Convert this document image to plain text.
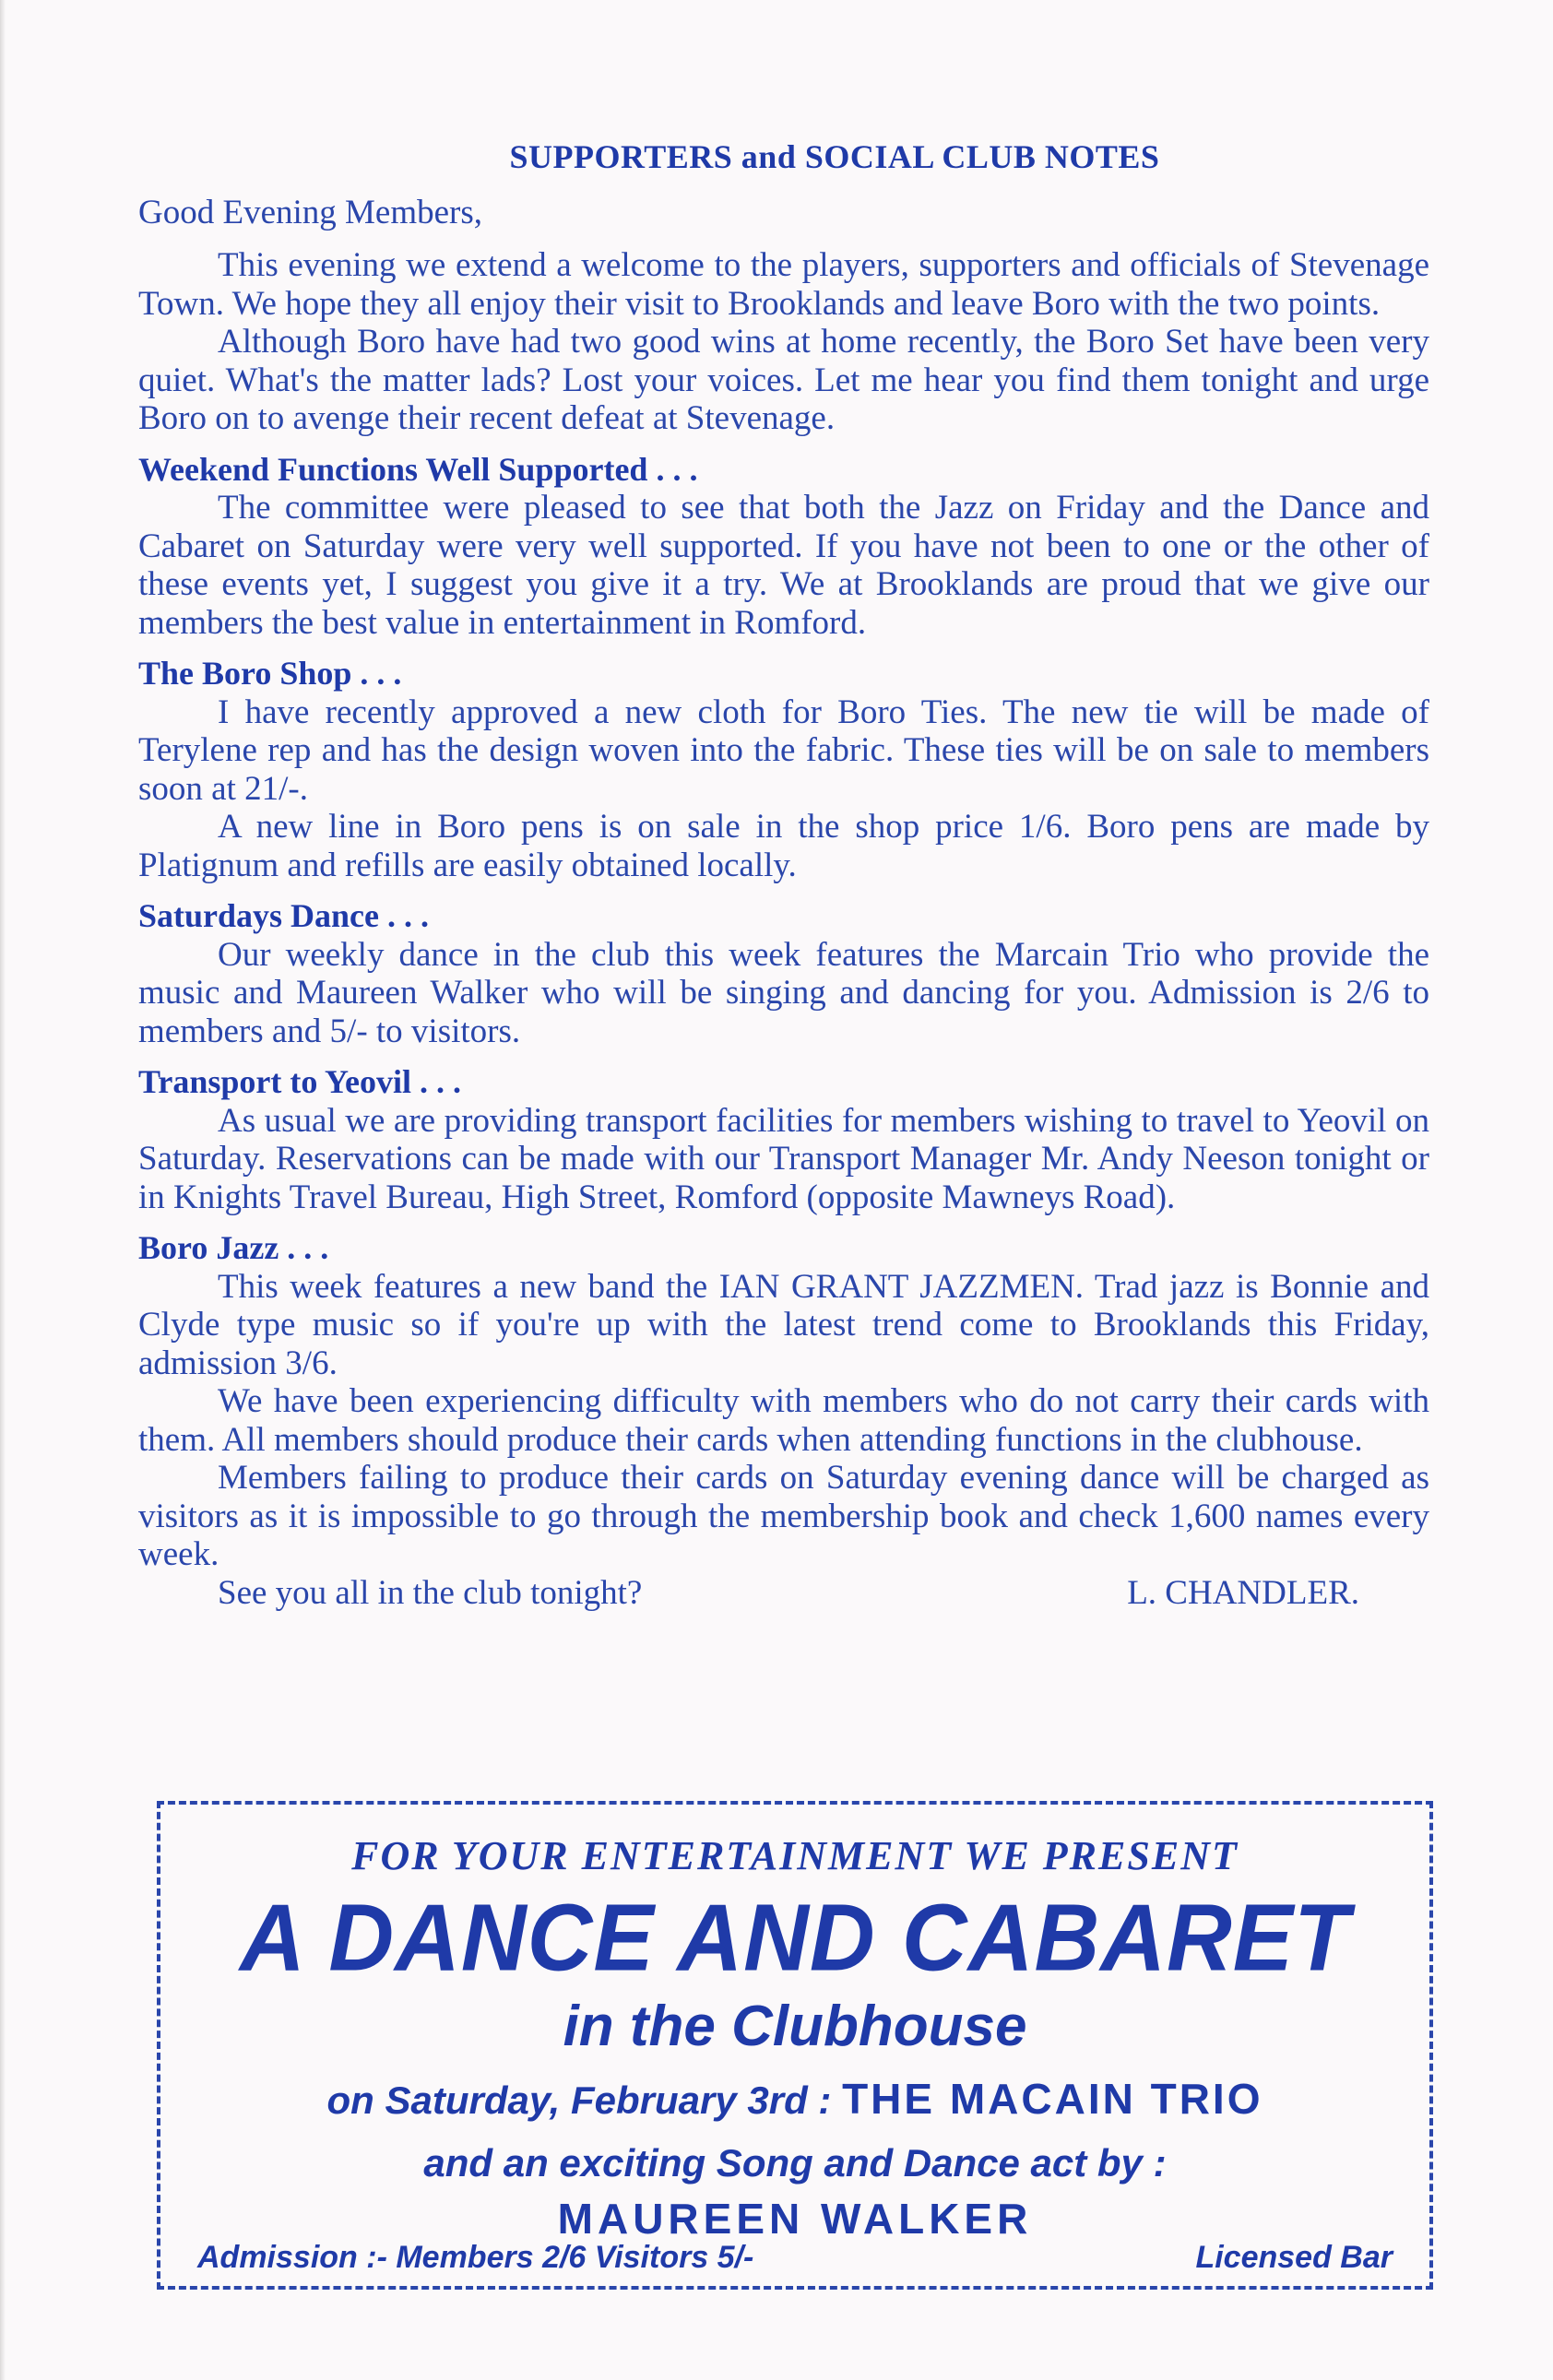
SUPPORTERS and SOCIAL CLUB NOTES
Good Evening Members,

This evening we extend a welcome to the players, supporters and officials of Stevenage Town. We hope they all enjoy their visit to Brooklands and leave Boro with the two points.

Although Boro have had two good wins at home recently, the Boro Set have been very quiet. What's the matter lads? Lost your voices. Let me hear you find them tonight and urge Boro on to avenge their recent defeat at Stevenage.

Weekend Functions Well Supported . . .

The committee were pleased to see that both the Jazz on Friday and the Dance and Cabaret on Saturday were very well supported. If you have not been to one or the other of these events yet, I suggest you give it a try. We at Brooklands are proud that we give our members the best value in entertainment in Romford.

The Boro Shop . . .

I have recently approved a new cloth for Boro Ties. The new tie will be made of Terylene rep and has the design woven into the fabric. These ties will be on sale to members soon at 21/-.

A new line in Boro pens is on sale in the shop price 1/6. Boro pens are made by Platignum and refills are easily obtained locally.

Saturdays Dance . . .

Our weekly dance in the club this week features the Marcain Trio who provide the music and Maureen Walker who will be singing and dancing for you. Admission is 2/6 to members and 5/- to visitors.

Transport to Yeovil . . .

As usual we are providing transport facilities for members wishing to travel to Yeovil on Saturday. Reservations can be made with our Transport Manager Mr. Andy Neeson tonight or in Knights Travel Bureau, High Street, Romford (opposite Mawneys Road).

Boro Jazz . . .

This week features a new band the IAN GRANT JAZZMEN. Trad jazz is Bonnie and Clyde type music so if you're up with the latest trend come to Brooklands this Friday, admission 3/6.

We have been experiencing difficulty with members who do not carry their cards with them. All members should produce their cards when attending functions in the clubhouse.

Members failing to produce their cards on Saturday evening dance will be charged as visitors as it is impossible to go through the membership book and check 1,600 names every week.

See you all in the club tonight?	L. CHANDLER.
FOR YOUR ENTERTAINMENT WE PRESENT
A DANCE AND CABARET
in the Clubhouse
on Saturday, February 3rd : THE MACAIN TRIO
and an exciting Song and Dance act by :
MAUREEN WALKER
Admission :- Members 2/6 Visitors 5/-	Licensed Bar
